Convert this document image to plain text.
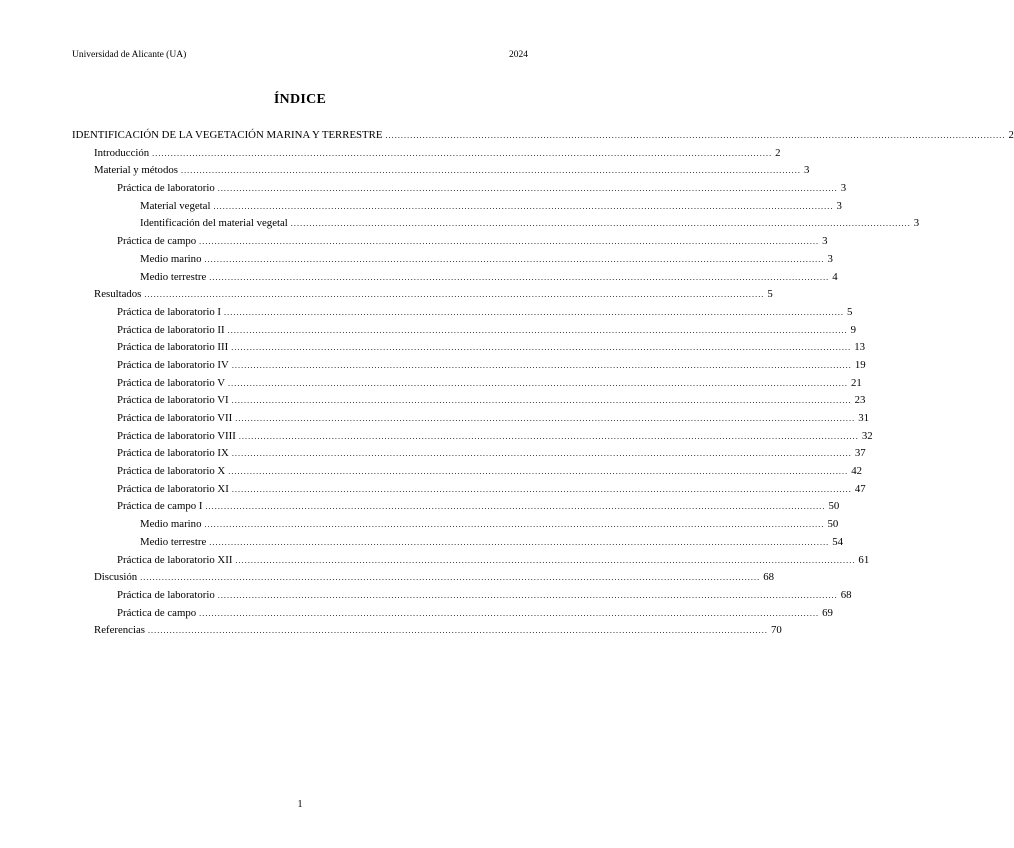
Universidad de Alicante (UA)	2024
ÍNDICE
IDENTIFICACIÓN DE LA VEGETACIÓN MARINA Y TERRESTRE ........................................................................................................................................................................................................ 2
Introducción ........................................................................................................................................................................................................ 2
Material y métodos ........................................................................................................................................................................................................ 3
Práctica de laboratorio ........................................................................................................................................................................................................ 3
Material vegetal ........................................................................................................................................................................................................ 3
Identificación del material vegetal ........................................................................................................................................................................................................ 3
Práctica de campo ........................................................................................................................................................................................................ 3
Medio marino ........................................................................................................................................................................................................ 3
Medio terrestre ........................................................................................................................................................................................................ 4
Resultados ........................................................................................................................................................................................................ 5
Práctica de laboratorio I ........................................................................................................................................................................................................ 5
Práctica de laboratorio II ........................................................................................................................................................................................................ 9
Práctica de laboratorio III ........................................................................................................................................................................................................ 13
Práctica de laboratorio IV ........................................................................................................................................................................................................ 19
Práctica de laboratorio V ........................................................................................................................................................................................................ 21
Práctica de laboratorio VI ........................................................................................................................................................................................................ 23
Práctica de laboratorio VII ........................................................................................................................................................................................................ 31
Práctica de laboratorio VIII ........................................................................................................................................................................................................ 32
Práctica de laboratorio IX ........................................................................................................................................................................................................ 37
Práctica de laboratorio X ........................................................................................................................................................................................................ 42
Práctica de laboratorio XI ........................................................................................................................................................................................................ 47
Práctica de campo I ........................................................................................................................................................................................................ 50
Medio marino ........................................................................................................................................................................................................ 50
Medio terrestre ........................................................................................................................................................................................................ 54
Práctica de laboratorio XII ........................................................................................................................................................................................................ 61
Discusión ........................................................................................................................................................................................................ 68
Práctica de laboratorio ........................................................................................................................................................................................................ 68
Práctica de campo ........................................................................................................................................................................................................ 69
Referencias ........................................................................................................................................................................................................ 70
1
